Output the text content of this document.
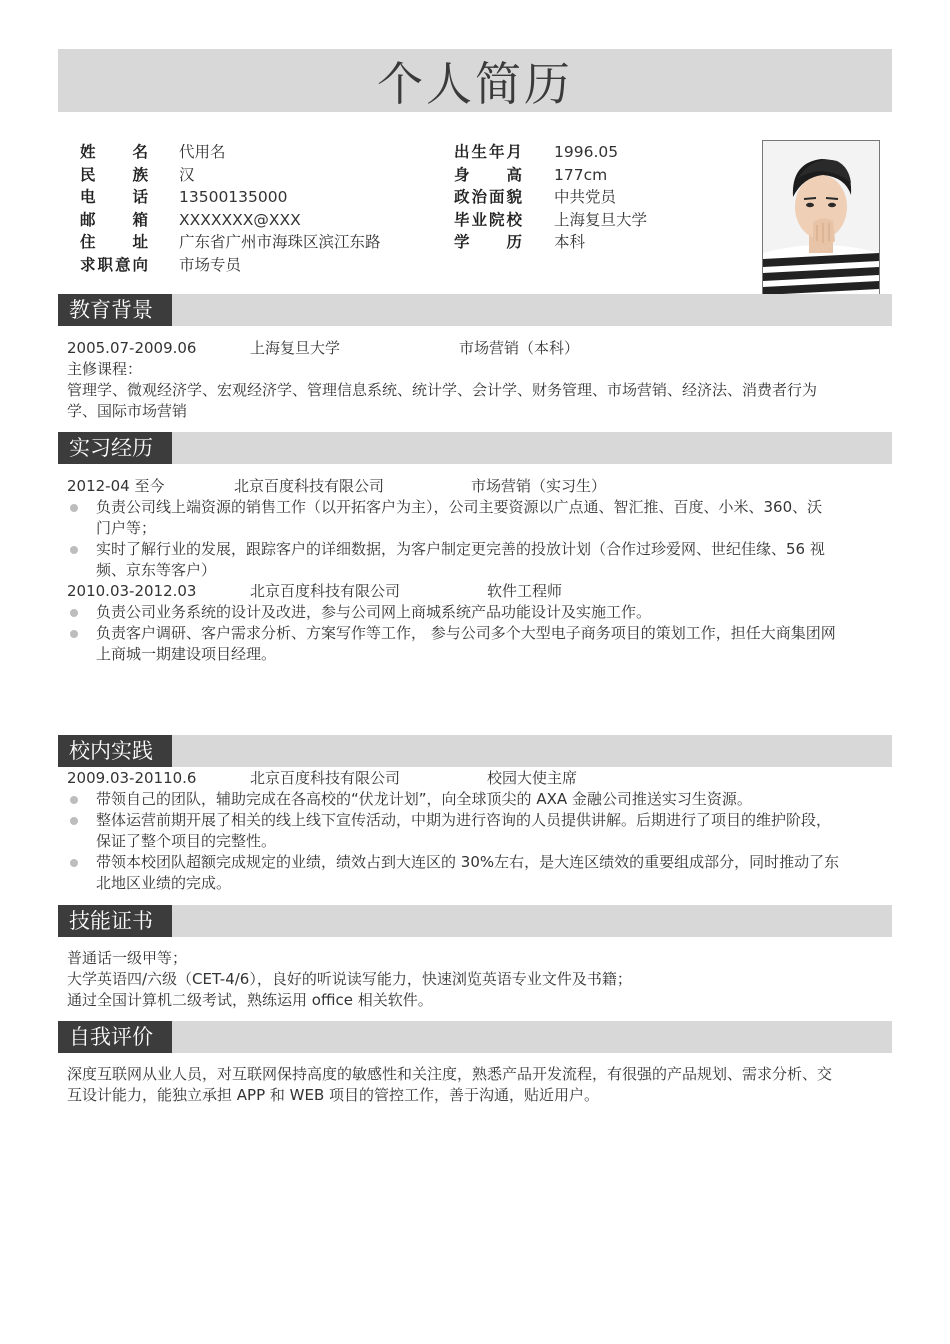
个人简历
姓名 代用名
民族 汉
电话 13500135000
邮箱 XXXXXXX@XXX
住址 广东省广州市海珠区滨江东路
求职意向 市场专员
出生年月 1996.05
身高 177cm
政治面貌 中共党员
毕业院校 上海复旦大学
学历 本科
教育背景
2005.07-2009.06	上海复旦大学	市场营销（本科）
主修课程：
管理学、微观经济学、宏观经济学、管理信息系统、统计学、会计学、财务管理、市场营销、经济法、消费者行为
学、国际市场营销
实习经历
2012-04 至今	北京百度科技有限公司	市场营销（实习生）
负责公司线上端资源的销售工作（以开拓客户为主），公司主要资源以广点通、智汇推、百度、小米、360、沃
门户等；
实时了解行业的发展，跟踪客户的详细数据，为客户制定更完善的投放计划（合作过珍爱网、世纪佳缘、56 视
频、京东等客户）
2010.03-2012.03	北京百度科技有限公司	软件工程师
负责公司业务系统的设计及改进，参与公司网上商城系统产品功能设计及实施工作。
负责客户调研、客户需求分析、方案写作等工作， 参与公司多个大型电子商务项目的策划工作，担任大商集团网
上商城一期建设项目经理。
校内实践
2009.03-20110.6	北京百度科技有限公司	校园大使主席
带领自己的团队，辅助完成在各高校的“伏龙计划”，向全球顶尖的 AXA 金融公司推送实习生资源。
整体运营前期开展了相关的线上线下宣传活动，中期为进行咨询的人员提供讲解。后期进行了项目的维护阶段，
保证了整个项目的完整性。
带领本校团队超额完成规定的业绩，绩效占到大连区的 30%左右，是大连区绩效的重要组成部分，同时推动了东
北地区业绩的完成。
技能证书
普通话一级甲等；
大学英语四/六级（CET-4/6），良好的听说读写能力，快速浏览英语专业文件及书籍；
通过全国计算机二级考试，熟练运用 office 相关软件。
自我评价
深度互联网从业人员，对互联网保持高度的敏感性和关注度，熟悉产品开发流程，有很强的产品规划、需求分析、交
互设计能力，能独立承担 APP 和 WEB 项目的管控工作，善于沟通，贴近用户。
